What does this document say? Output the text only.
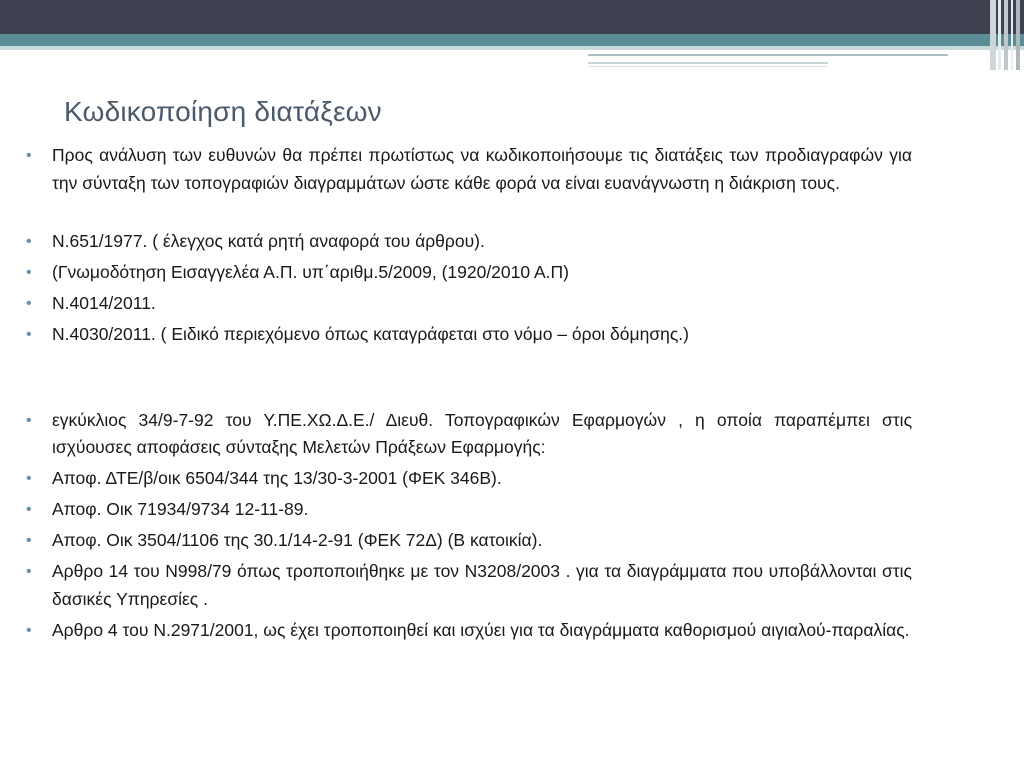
Κωδικοποίηση διατάξεων
• Προς ανάλυση των ευθυνών θα πρέπει πρωτίστως να κωδικοποιήσουμε τις διατάξεις των προδιαγραφών για την σύνταξη των τοπογραφιών διαγραμμάτων ώστε κάθε φορά να είναι ευανάγνωστη η διάκριση τους.
• Ν.651/1977. ( έλεγχος κατά ρητή αναφορά του άρθρου).
• (Γνωμοδότηση Εισαγγελέα Α.Π. υπ΄αριθμ.5/2009, (1920/2010 Α.Π)
• Ν.4014/2011.
• Ν.4030/2011. ( Ειδικό περιεχόμενο όπως καταγράφεται στο νόμο – όροι δόμησης.)
• εγκύκλιος 34/9-7-92 του Υ.ΠΕ.ΧΩ.Δ.Ε./ Διευθ. Τοπογραφικών Εφαρμογών , η οποία παραπέμπει στις ισχύουσες αποφάσεις σύνταξης Μελετών Πράξεων Εφαρμογής:
• Αποφ. ΔΤΕ/β/οικ 6504/344 της 13/30-3-2001 (ΦΕΚ 346Β).
• Αποφ. Οικ 71934/9734 12-11-89.
• Αποφ. Οικ 3504/1106 της 30.1/14-2-91 (ΦΕΚ 72Δ) (Β κατοικία).
• Αρθρο 14 του Ν998/79 όπως τροποποιήθηκε με τον Ν3208/2003 . για τα διαγράμματα που υποβάλλονται στις δασικές Υπηρεσίες .
• Αρθρο 4 του Ν.2971/2001, ως έχει τροποποιηθεί και ισχύει για τα διαγράμματα καθορισμού αιγιαλού-παραλίας.
